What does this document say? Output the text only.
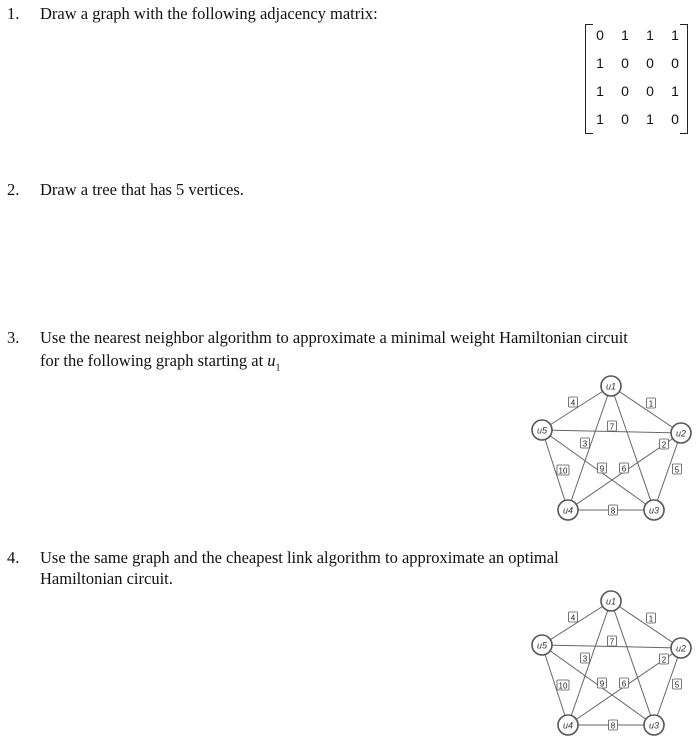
1. Draw a graph with the following adjacency matrix:
0 1 1 1
1 0 0 0
1 0 0 1
1 0 1 0
2. Draw a tree that has 5 vertices.
3. Use the nearest neighbor algorithm to approximate a minimal weight Hamiltonian circuit
for the following graph starting at $u_1$
1
2
3
4
5
6
7
8
9
10
u1
u2
u3
u4
u5
4. Use the same graph and the cheapest link algorithm to approximate an optimal
Hamiltonian circuit.
1
2
3
4
5
6
7
8
9
10
u1
u2
u3
u4
u5
